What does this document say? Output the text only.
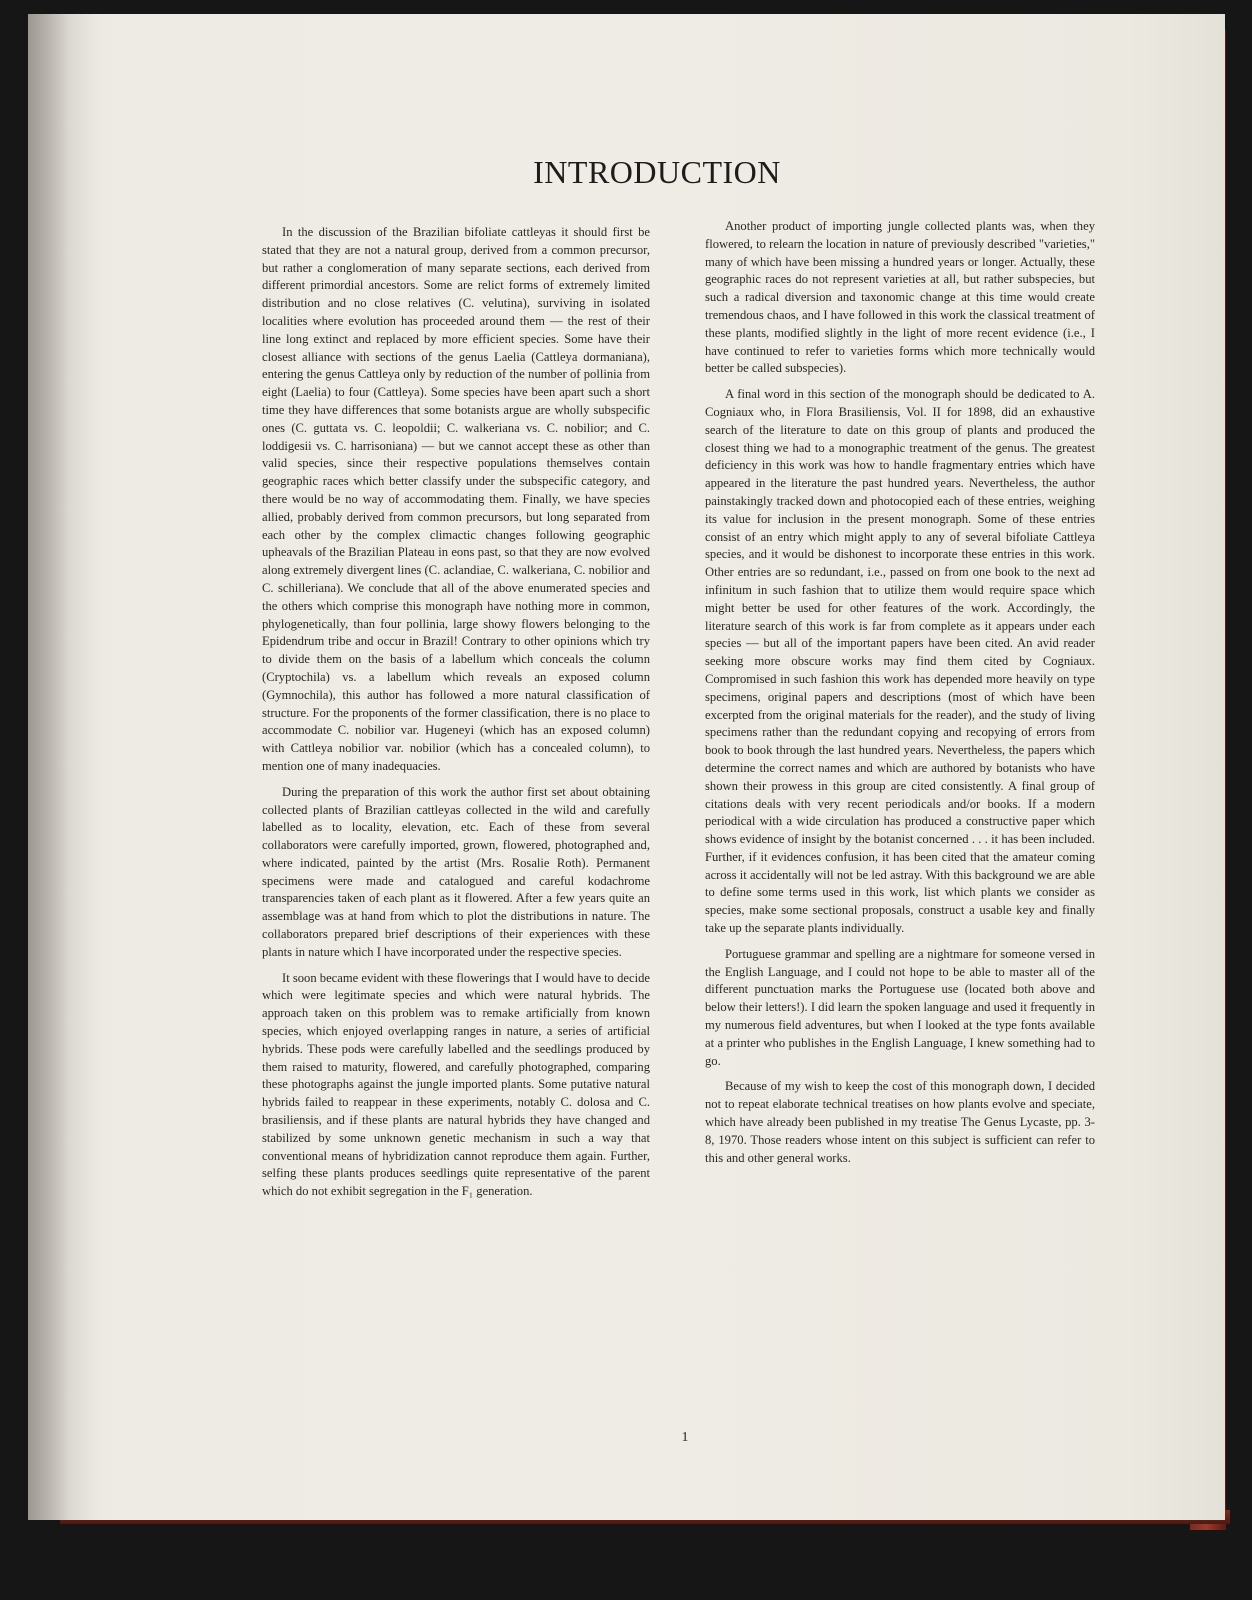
INTRODUCTION

In the discussion of the Brazilian bifoliate cattleyas it should first be stated that they are not a natural group, derived from a common precursor, but rather a conglomeration of many separate sections, each derived from different primordial ancestors. Some are relict forms of extremely limited distribution and no close relatives (C. velutina), surviving in isolated localities where evolution has proceeded around them — the rest of their line long extinct and replaced by more efficient species. Some have their closest alliance with sections of the genus Laelia (Cattleya dormaniana), entering the genus Cattleya only by reduction of the number of pollinia from eight (Laelia) to four (Cattleya). Some species have been apart such a short time they have differences that some botanists argue are wholly subspecific ones (C. guttata vs. C. leopoldii; C. walkeriana vs. C. nobilior; and C. loddigesii vs. C. harrisoniana) — but we cannot accept these as other than valid species, since their respective populations themselves contain geographic races which better classify under the subspecific category, and there would be no way of accommodating them. Finally, we have species allied, probably derived from common precursors, but long separated from each other by the complex climactic changes following geographic upheavals of the Brazilian Plateau in eons past, so that they are now evolved along extremely divergent lines (C. aclandiae, C. walkeriana, C. nobilior and C. schilleriana). We conclude that all of the above enumerated species and the others which comprise this monograph have nothing more in common, phylogenetically, than four pollinia, large showy flowers belonging to the Epidendrum tribe and occur in Brazil! Contrary to other opinions which try to divide them on the basis of a labellum which conceals the column (Cryptochila) vs. a labellum which reveals an exposed column (Gymnochila), this author has followed a more natural classification of structure. For the proponents of the former classification, there is no place to accommodate C. nobilior var. Hugeneyi (which has an exposed column) with Cattleya nobilior var. nobilior (which has a concealed column), to mention one of many inadequacies.

During the preparation of this work the author first set about obtaining collected plants of Brazilian cattleyas collected in the wild and carefully labelled as to locality, elevation, etc. Each of these from several collaborators were carefully imported, grown, flowered, photographed and, where indicated, painted by the artist (Mrs. Rosalie Roth). Permanent specimens were made and catalogued and careful kodachrome transparencies taken of each plant as it flowered. After a few years quite an assemblage was at hand from which to plot the distributions in nature. The collaborators prepared brief descriptions of their experiences with these plants in nature which I have incorporated under the respective species.

It soon became evident with these flowerings that I would have to decide which were legitimate species and which were natural hybrids. The approach taken on this problem was to remake artificially from known species, which enjoyed overlapping ranges in nature, a series of artificial hybrids. These pods were carefully labelled and the seedlings produced by them raised to maturity, flowered, and carefully photographed, comparing these photographs against the jungle imported plants. Some putative natural hybrids failed to reappear in these experiments, notably C. dolosa and C. brasiliensis, and if these plants are natural hybrids they have changed and stabilized by some unknown genetic mechanism in such a way that conventional means of hybridization cannot reproduce them again. Further, selfing these plants produces seedlings quite representative of the parent which do not exhibit segregation in the F₁ generation.

Another product of importing jungle collected plants was, when they flowered, to relearn the location in nature of previously described "varieties," many of which have been missing a hundred years or longer. Actually, these geographic races do not represent varieties at all, but rather subspecies, but such a radical diversion and taxonomic change at this time would create tremendous chaos, and I have followed in this work the classical treatment of these plants, modified slightly in the light of more recent evidence (i.e., I have continued to refer to varieties forms which more technically would better be called subspecies).

A final word in this section of the monograph should be dedicated to A. Cogniaux who, in Flora Brasiliensis, Vol. II for 1898, did an exhaustive search of the literature to date on this group of plants and produced the closest thing we had to a monographic treatment of the genus. The greatest deficiency in this work was how to handle fragmentary entries which have appeared in the literature the past hundred years. Nevertheless, the author painstakingly tracked down and photocopied each of these entries, weighing its value for inclusion in the present monograph. Some of these entries consist of an entry which might apply to any of several bifoliate Cattleya species, and it would be dishonest to incorporate these entries in this work. Other entries are so redundant, i.e., passed on from one book to the next ad infinitum in such fashion that to utilize them would require space which might better be used for other features of the work. Accordingly, the literature search of this work is far from complete as it appears under each species — but all of the important papers have been cited. An avid reader seeking more obscure works may find them cited by Cogniaux. Compromised in such fashion this work has depended more heavily on type specimens, original papers and descriptions (most of which have been excerpted from the original materials for the reader), and the study of living specimens rather than the redundant copying and recopying of errors from book to book through the last hundred years. Nevertheless, the papers which determine the correct names and which are authored by botanists who have shown their prowess in this group are cited consistently. A final group of citations deals with very recent periodicals and/or books. If a modern periodical with a wide circulation has produced a constructive paper which shows evidence of insight by the botanist concerned . . . it has been included. Further, if it evidences confusion, it has been cited that the amateur coming across it accidentally will not be led astray. With this background we are able to define some terms used in this work, list which plants we consider as species, make some sectional proposals, construct a usable key and finally take up the separate plants individually.

Portuguese grammar and spelling are a nightmare for someone versed in the English Language, and I could not hope to be able to master all of the different punctuation marks the Portuguese use (located both above and below their letters!). I did learn the spoken language and used it frequently in my numerous field adventures, but when I looked at the type fonts available at a printer who publishes in the English Language, I knew something had to go.

Because of my wish to keep the cost of this monograph down, I decided not to repeat elaborate technical treatises on how plants evolve and speciate, which have already been published in my treatise The Genus Lycaste, pp. 3-8, 1970. Those readers whose intent on this subject is sufficient can refer to this and other general works.

1
